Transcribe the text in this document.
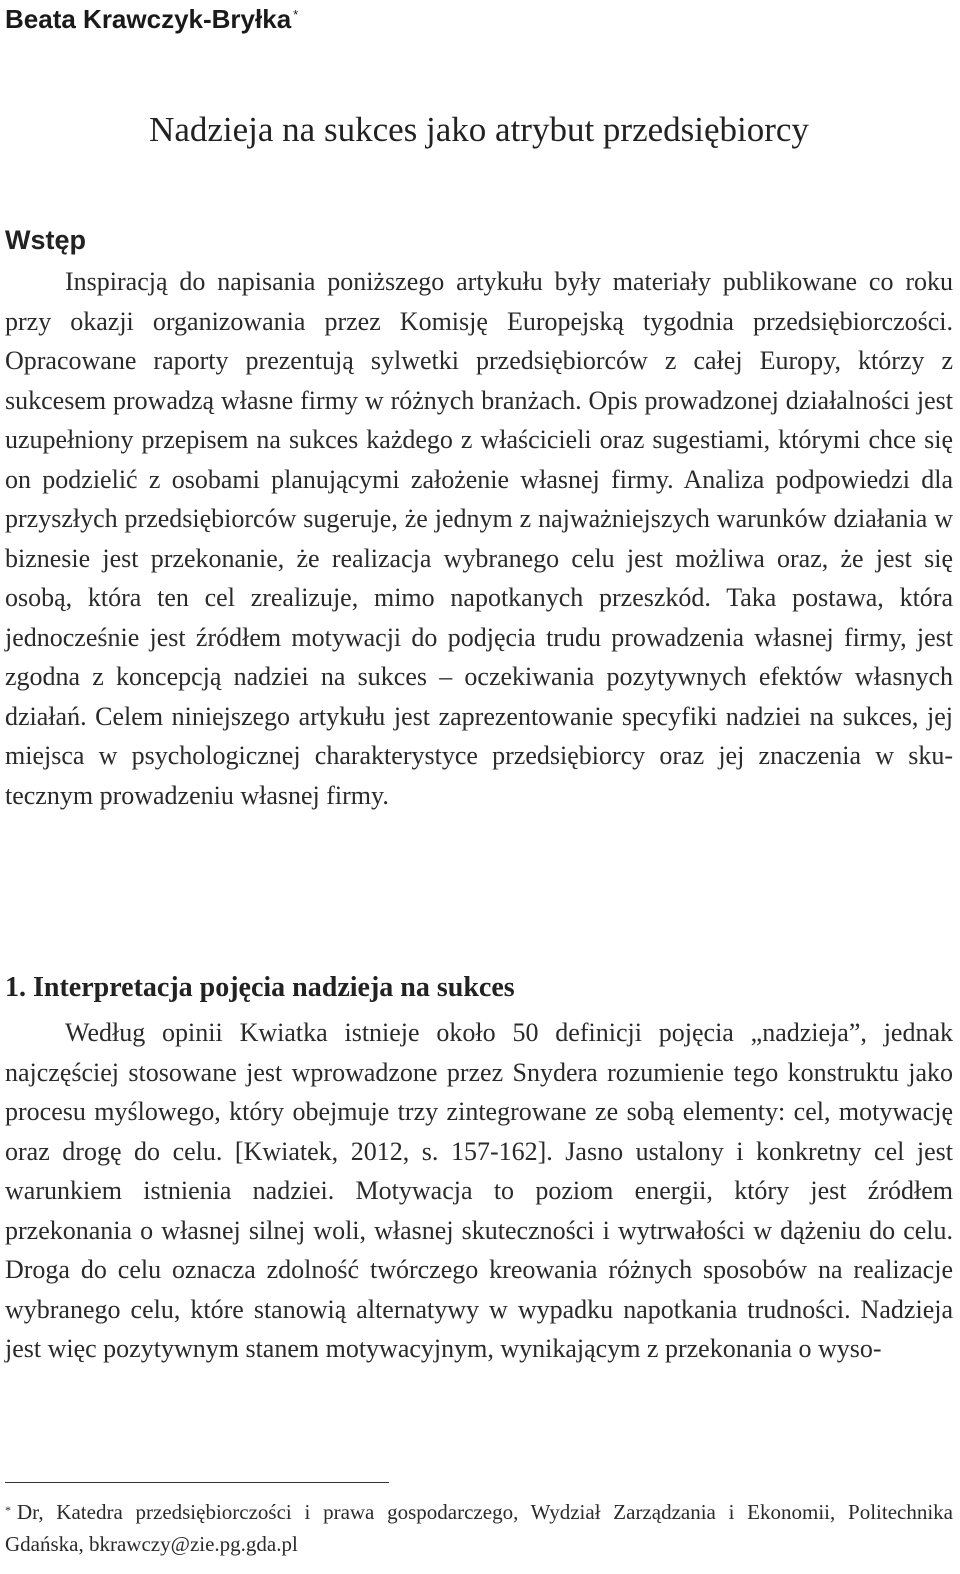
Beata Krawczyk-Bryłka *
Nadzieja na sukces jako atrybut przedsiębiorcy
Wstęp

Inspiracją do napisania poniższego artykułu były materiały publikowane co roku przy okazji organizowania przez Komisję Europejską tygodnia przedsiębiorczości. Opracowane raporty prezentują sylwetki przedsiębiorców z całej Europy, którzy z sukcesem prowadzą własne firmy w różnych branżach. Opis prowadzonej działalności jest uzupełniony przepisem na sukces każdego z właścicieli oraz sugestiami, którymi chce się on podzielić z osobami planującymi założenie własnej firmy. Analiza podpowiedzi dla przyszłych przedsiębiorców sugeruje, że jednym z najważniejszych warunków działania w biznesie jest przekonanie, że realizacja wybranego celu jest możliwa oraz, że jest się osobą, która ten cel zrealizuje, mimo napotkanych przeszkód. Taka postawa, która jednocześnie jest źródłem motywacji do podjęcia trudu prowadzenia własnej firmy, jest zgodna z koncepcją nadziei na sukces – oczekiwania pozytywnych efektów własnych działań. Celem niniejszego artykułu jest zaprezentowanie specyfiki nadziei na sukces, jej miejsca w psychologicznej charakterystyce przedsiębiorcy oraz jej znaczenia w skutecznym prowadzeniu własnej firmy.

1. Interpretacja pojęcia nadzieja na sukces

Według opinii Kwiatka istnieje około 50 definicji pojęcia „nadzieja”, jednak najczęściej stosowane jest wprowadzone przez Snydera rozumienie tego konstruktu jako procesu myślowego, który obejmuje trzy zintegrowane ze sobą elementy: cel, motywację oraz drogę do celu. [Kwiatek, 2012, s. 157-162]. Jasno ustalony i konkretny cel jest warunkiem istnienia nadziei. Motywacja to poziom energii, który jest źródłem przekonania o własnej silnej woli, własnej skuteczności i wytrwałości w dążeniu do celu. Droga do celu oznacza zdolność twórczego kreowania różnych sposobów na realizacje wybranego celu, które stanowią alternatywy w wypadku napotkania trudności. Nadzieja jest więc pozytywnym stanem motywacyjnym, wynikającym z przekonania o wyso-

* Dr, Katedra przedsiębiorczości i prawa gospodarczego, Wydział Zarządzania i Ekonomii, Politechnika Gdańska, bkrawczy@zie.pg.gda.pl
